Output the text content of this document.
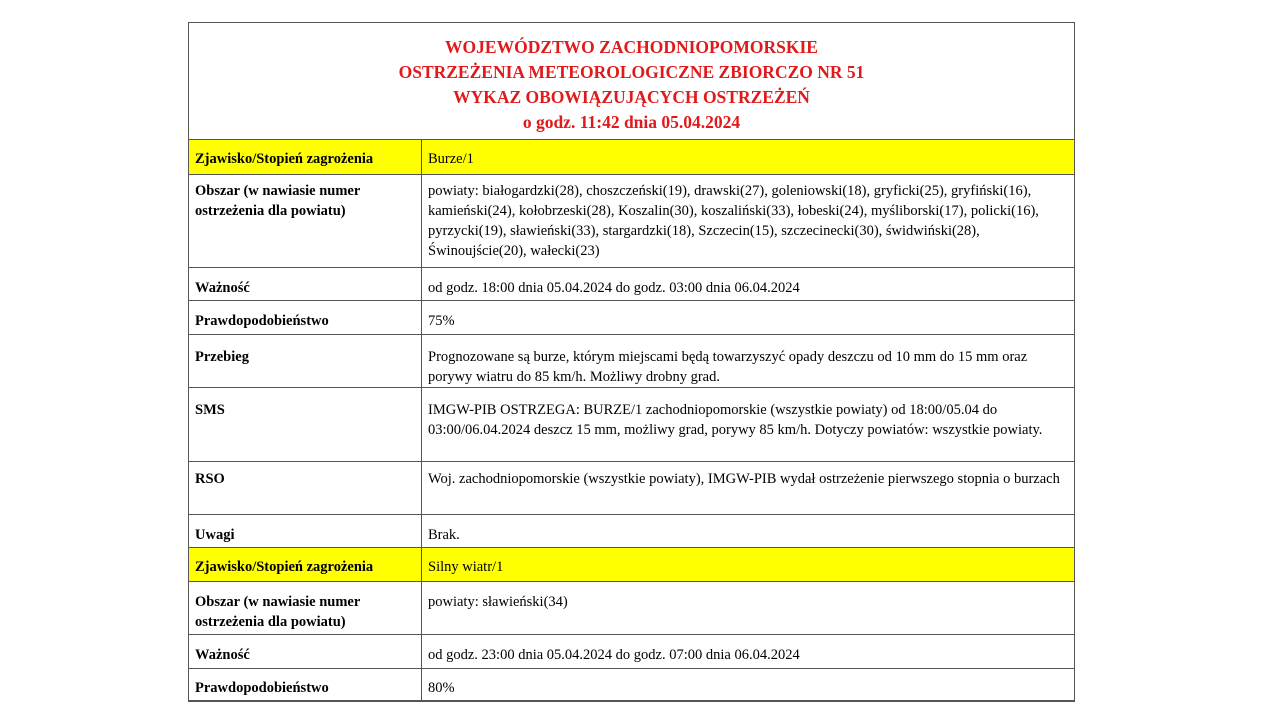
WOJEWÓDZTWO ZACHODNIOPOMORSKIE
OSTRZEŻENIA METEOROLOGICZNE ZBIORCZO NR 51
WYKAZ OBOWIĄZUJĄCYCH OSTRZEŻEŃ
o godz. 11:42 dnia 05.04.2024
Zjawisko/Stopień zagrożenia	Burze/1
Obszar (w nawiasie numer ostrzeżenia dla powiatu)	powiaty: białogardzki(28), choszczeński(19), drawski(27), goleniowski(18), gryficki(25), gryfiński(16), kamieński(24), kołobrzeski(28), Koszalin(30), koszaliński(33), łobeski(24), myśliborski(17), policki(16), pyrzycki(19), sławieński(33), stargardzki(18), Szczecin(15), szczecinecki(30), świdwiński(28), Świnoujście(20), wałecki(23)
Ważność	od godz. 18:00 dnia 05.04.2024 do godz. 03:00 dnia 06.04.2024
Prawdopodobieństwo	75%
Przebieg	Prognozowane są burze, którym miejscami będą towarzyszyć opady deszczu od 10 mm do 15 mm oraz porywy wiatru do 85 km/h. Możliwy drobny grad.
SMS	IMGW-PIB OSTRZEGA: BURZE/1 zachodniopomorskie (wszystkie powiaty) od 18:00/05.04 do 03:00/06.04.2024 deszcz 15 mm, możliwy grad, porywy 85 km/h. Dotyczy powiatów: wszystkie powiaty.
RSO	Woj. zachodniopomorskie (wszystkie powiaty), IMGW-PIB wydał ostrzeżenie pierwszego stopnia o burzach
Uwagi	Brak.
Zjawisko/Stopień zagrożenia	Silny wiatr/1
Obszar (w nawiasie numer ostrzeżenia dla powiatu)	powiaty: sławieński(34)
Ważność	od godz. 23:00 dnia 05.04.2024 do godz. 07:00 dnia 06.04.2024
Prawdopodobieństwo	80%
